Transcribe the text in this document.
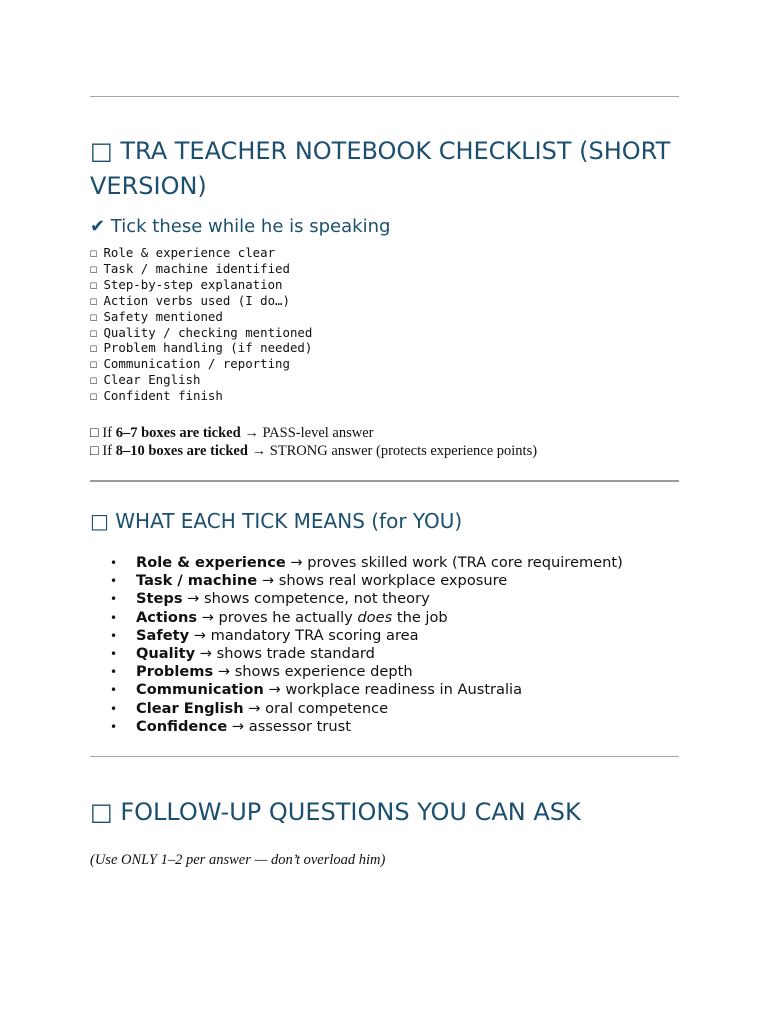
□ TRA TEACHER NOTEBOOK CHECKLIST (SHORT VERSION)
✔ Tick these while he is speaking
☐ Role & experience clear
☐ Task / machine identified
☐ Step-by-step explanation
☐ Action verbs used (I do…)
☐ Safety mentioned
☐ Quality / checking mentioned
☐ Problem handling (if needed)
☐ Communication / reporting
☐ Clear English
☐ Confident finish
□ If 6–7 boxes are ticked → PASS-level answer
□ If 8–10 boxes are ticked → STRONG answer (protects experience points)
□ WHAT EACH TICK MEANS (for YOU)
• Role & experience → proves skilled work (TRA core requirement)
• Task / machine → shows real workplace exposure
• Steps → shows competence, not theory
• Actions → proves he actually does the job
• Safety → mandatory TRA scoring area
• Quality → shows trade standard
• Problems → shows experience depth
• Communication → workplace readiness in Australia
• Clear English → oral competence
• Confidence → assessor trust
□ FOLLOW-UP QUESTIONS YOU CAN ASK
(Use ONLY 1–2 per answer — don’t overload him)
